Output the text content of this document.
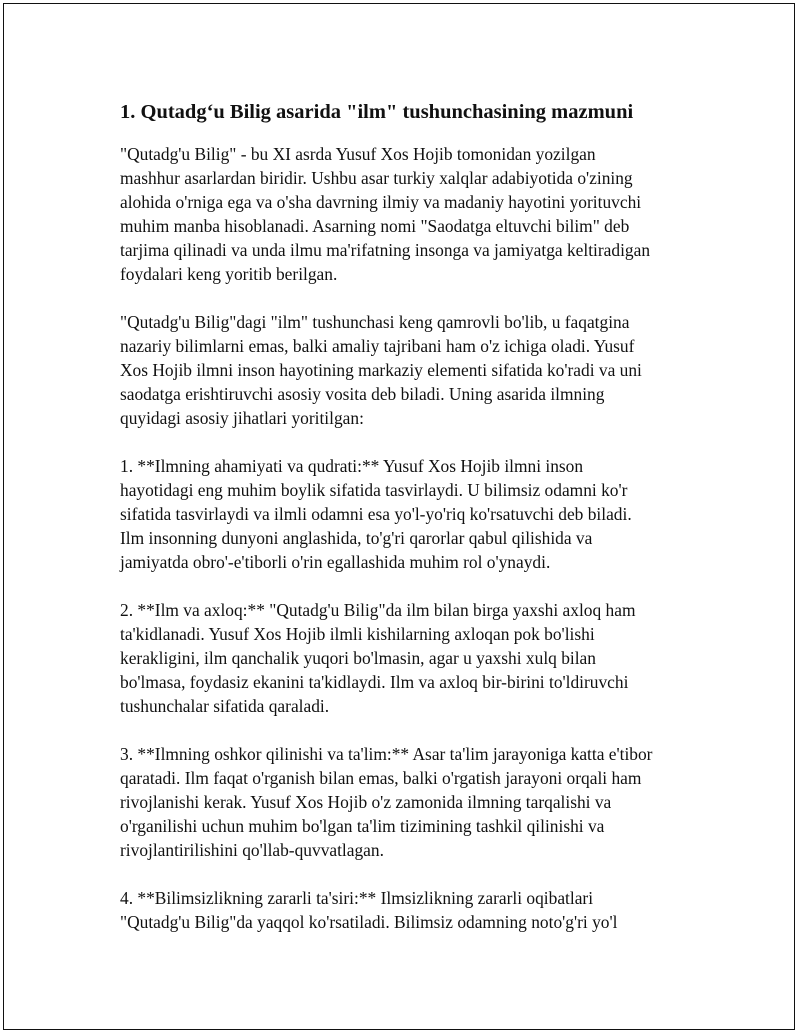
1. Qutadg‘u Bilig asarida "ilm" tushunchasining mazmuni

"Qutadg'u Bilig" - bu XI asrda Yusuf Xos Hojib tomonidan yozilgan
mashhur asarlardan biridir. Ushbu asar turkiy xalqlar adabiyotida o'zining
alohida o'rniga ega va o'sha davrning ilmiy va madaniy hayotini yorituvchi
muhim manba hisoblanadi. Asarning nomi "Saodatga eltuvchi bilim" deb
tarjima qilinadi va unda ilmu ma'rifatning insonga va jamiyatga keltiradigan
foydalari keng yoritib berilgan.

"Qutadg'u Bilig"dagi "ilm" tushunchasi keng qamrovli bo'lib, u faqatgina
nazariy bilimlarni emas, balki amaliy tajribani ham o'z ichiga oladi. Yusuf
Xos Hojib ilmni inson hayotining markaziy elementi sifatida ko'radi va uni
saodatga erishtiruvchi asosiy vosita deb biladi. Uning asarida ilmning
quyidagi asosiy jihatlari yoritilgan:

1. **Ilmning ahamiyati va qudrati:** Yusuf Xos Hojib ilmni inson
hayotidagi eng muhim boylik sifatida tasvirlaydi. U bilimsiz odamni ko'r
sifatida tasvirlaydi va ilmli odamni esa yo'l-yo'riq ko'rsatuvchi deb biladi.
Ilm insonning dunyoni anglashida, to'g'ri qarorlar qabul qilishida va
jamiyatda obro'-e'tiborli o'rin egallashida muhim rol o'ynaydi.

2. **Ilm va axloq:** "Qutadg'u Bilig"da ilm bilan birga yaxshi axloq ham
ta'kidlanadi. Yusuf Xos Hojib ilmli kishilarning axloqan pok bo'lishi
kerakligini, ilm qanchalik yuqori bo'lmasin, agar u yaxshi xulq bilan
bo'lmasa, foydasiz ekanini ta'kidlaydi. Ilm va axloq bir-birini to'ldiruvchi
tushunchalar sifatida qaraladi.

3. **Ilmning oshkor qilinishi va ta'lim:** Asar ta'lim jarayoniga katta e'tibor
qaratadi. Ilm faqat o'rganish bilan emas, balki o'rgatish jarayoni orqali ham
rivojlanishi kerak. Yusuf Xos Hojib o'z zamonida ilmning tarqalishi va
o'rganilishi uchun muhim bo'lgan ta'lim tizimining tashkil qilinishi va
rivojlantirilishini qo'llab-quvvatlagan.

4. **Bilimsizlikning zararli ta'siri:** Ilmsizlikning zararli oqibatlari
"Qutadg'u Bilig"da yaqqol ko'rsatiladi. Bilimsiz odamning noto'g'ri yo'l
